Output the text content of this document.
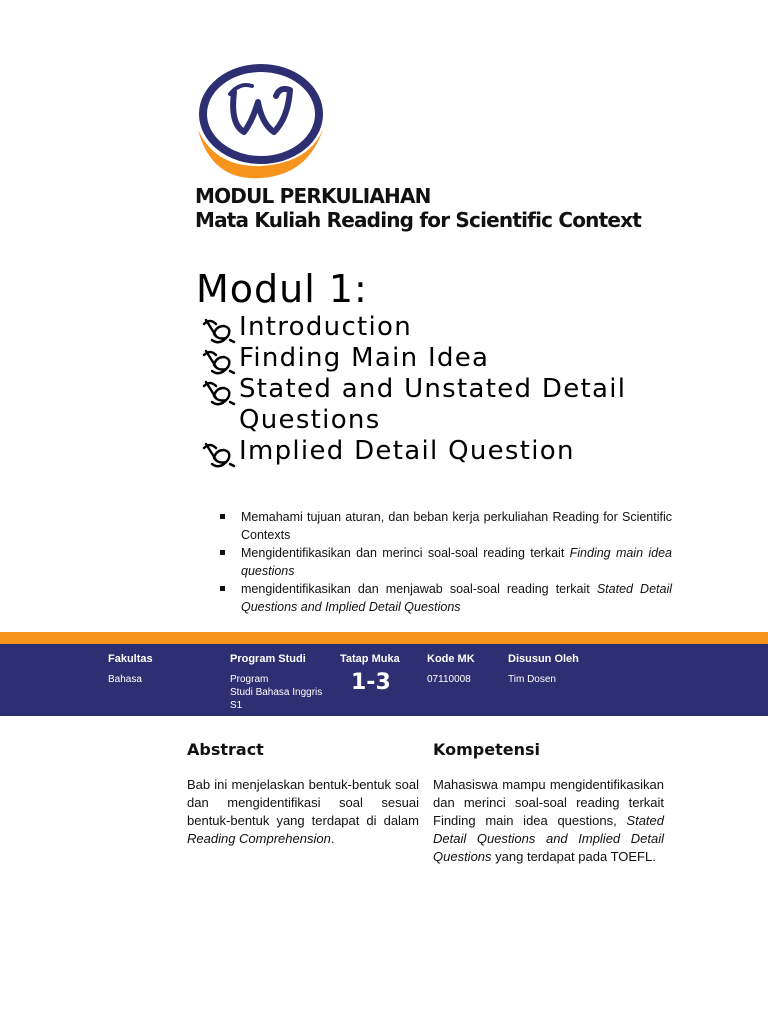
MODUL PERKULIAHAN
Mata Kuliah Reading for Scientific Context
Modul 1:
Introduction
Finding Main Idea
Stated and Unstated Detail Questions
Implied Detail Question
Memahami tujuan aturan, dan beban kerja perkuliahan Reading for Scientific Contexts
Mengidentifikasikan dan merinci soal-soal reading terkait Finding main idea questions
mengidentifikasikan dan menjawab soal-soal reading terkait Stated Detail Questions and Implied Detail Questions
Fakultas
Bahasa
Program Studi
Program
Studi Bahasa Inggris
S1
Tatap Muka
1-3
Kode MK
07110008
Disusun Oleh
Tim Dosen
Abstract
Bab ini menjelaskan bentuk-bentuk soal dan mengidentifikasi soal sesuai bentuk-bentuk yang terdapat di dalam Reading Comprehension.
Kompetensi
Mahasiswa mampu mengidentifikasikan dan merinci soal-soal reading terkait Finding main idea questions, Stated Detail Questions and Implied Detail Questions yang terdapat pada TOEFL.
